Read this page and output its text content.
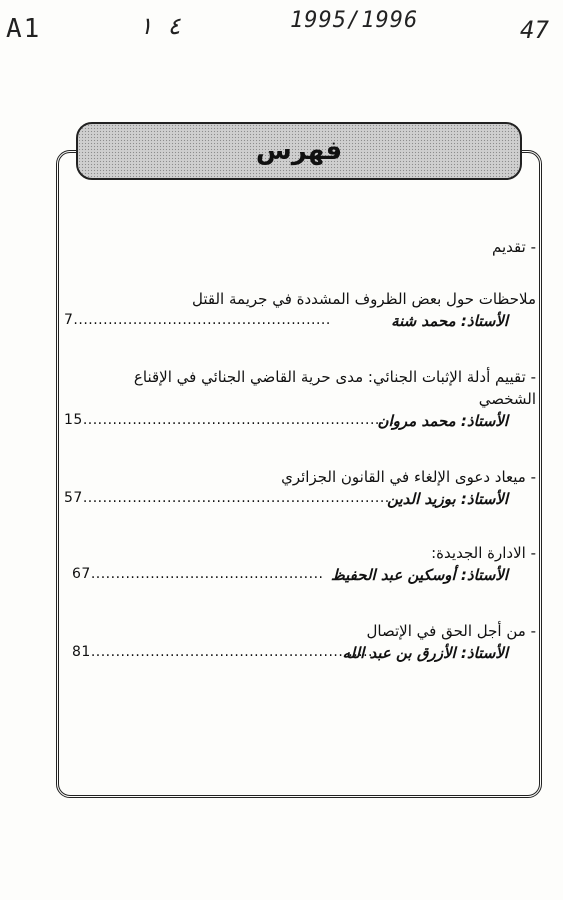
A1	٤ ١	1995/1996	47
فهرس
- تقديم
ملاحظات حول بعض الظروف المشددة في جريمة القتل
الأستاذ: محمد شنة
7....................................................
- تقييم أدلة الإثبات الجنائي: مدى حرية القاضي الجنائي في الإقناع
الشخصي
الأستاذ: محمد مروان
15...............................................................
- ميعاد دعوى الإلغاء في القانون الجزائري
الأستاذ: بوزيد الدين
57..............................................................
- الادارة الجديدة:
الأستاذ: أوسكين عبد الحفيظ
67...............................................
- من أجل الحق في الإتصال
الأستاذ: الأزرق بن عبد الله
81............................................................
